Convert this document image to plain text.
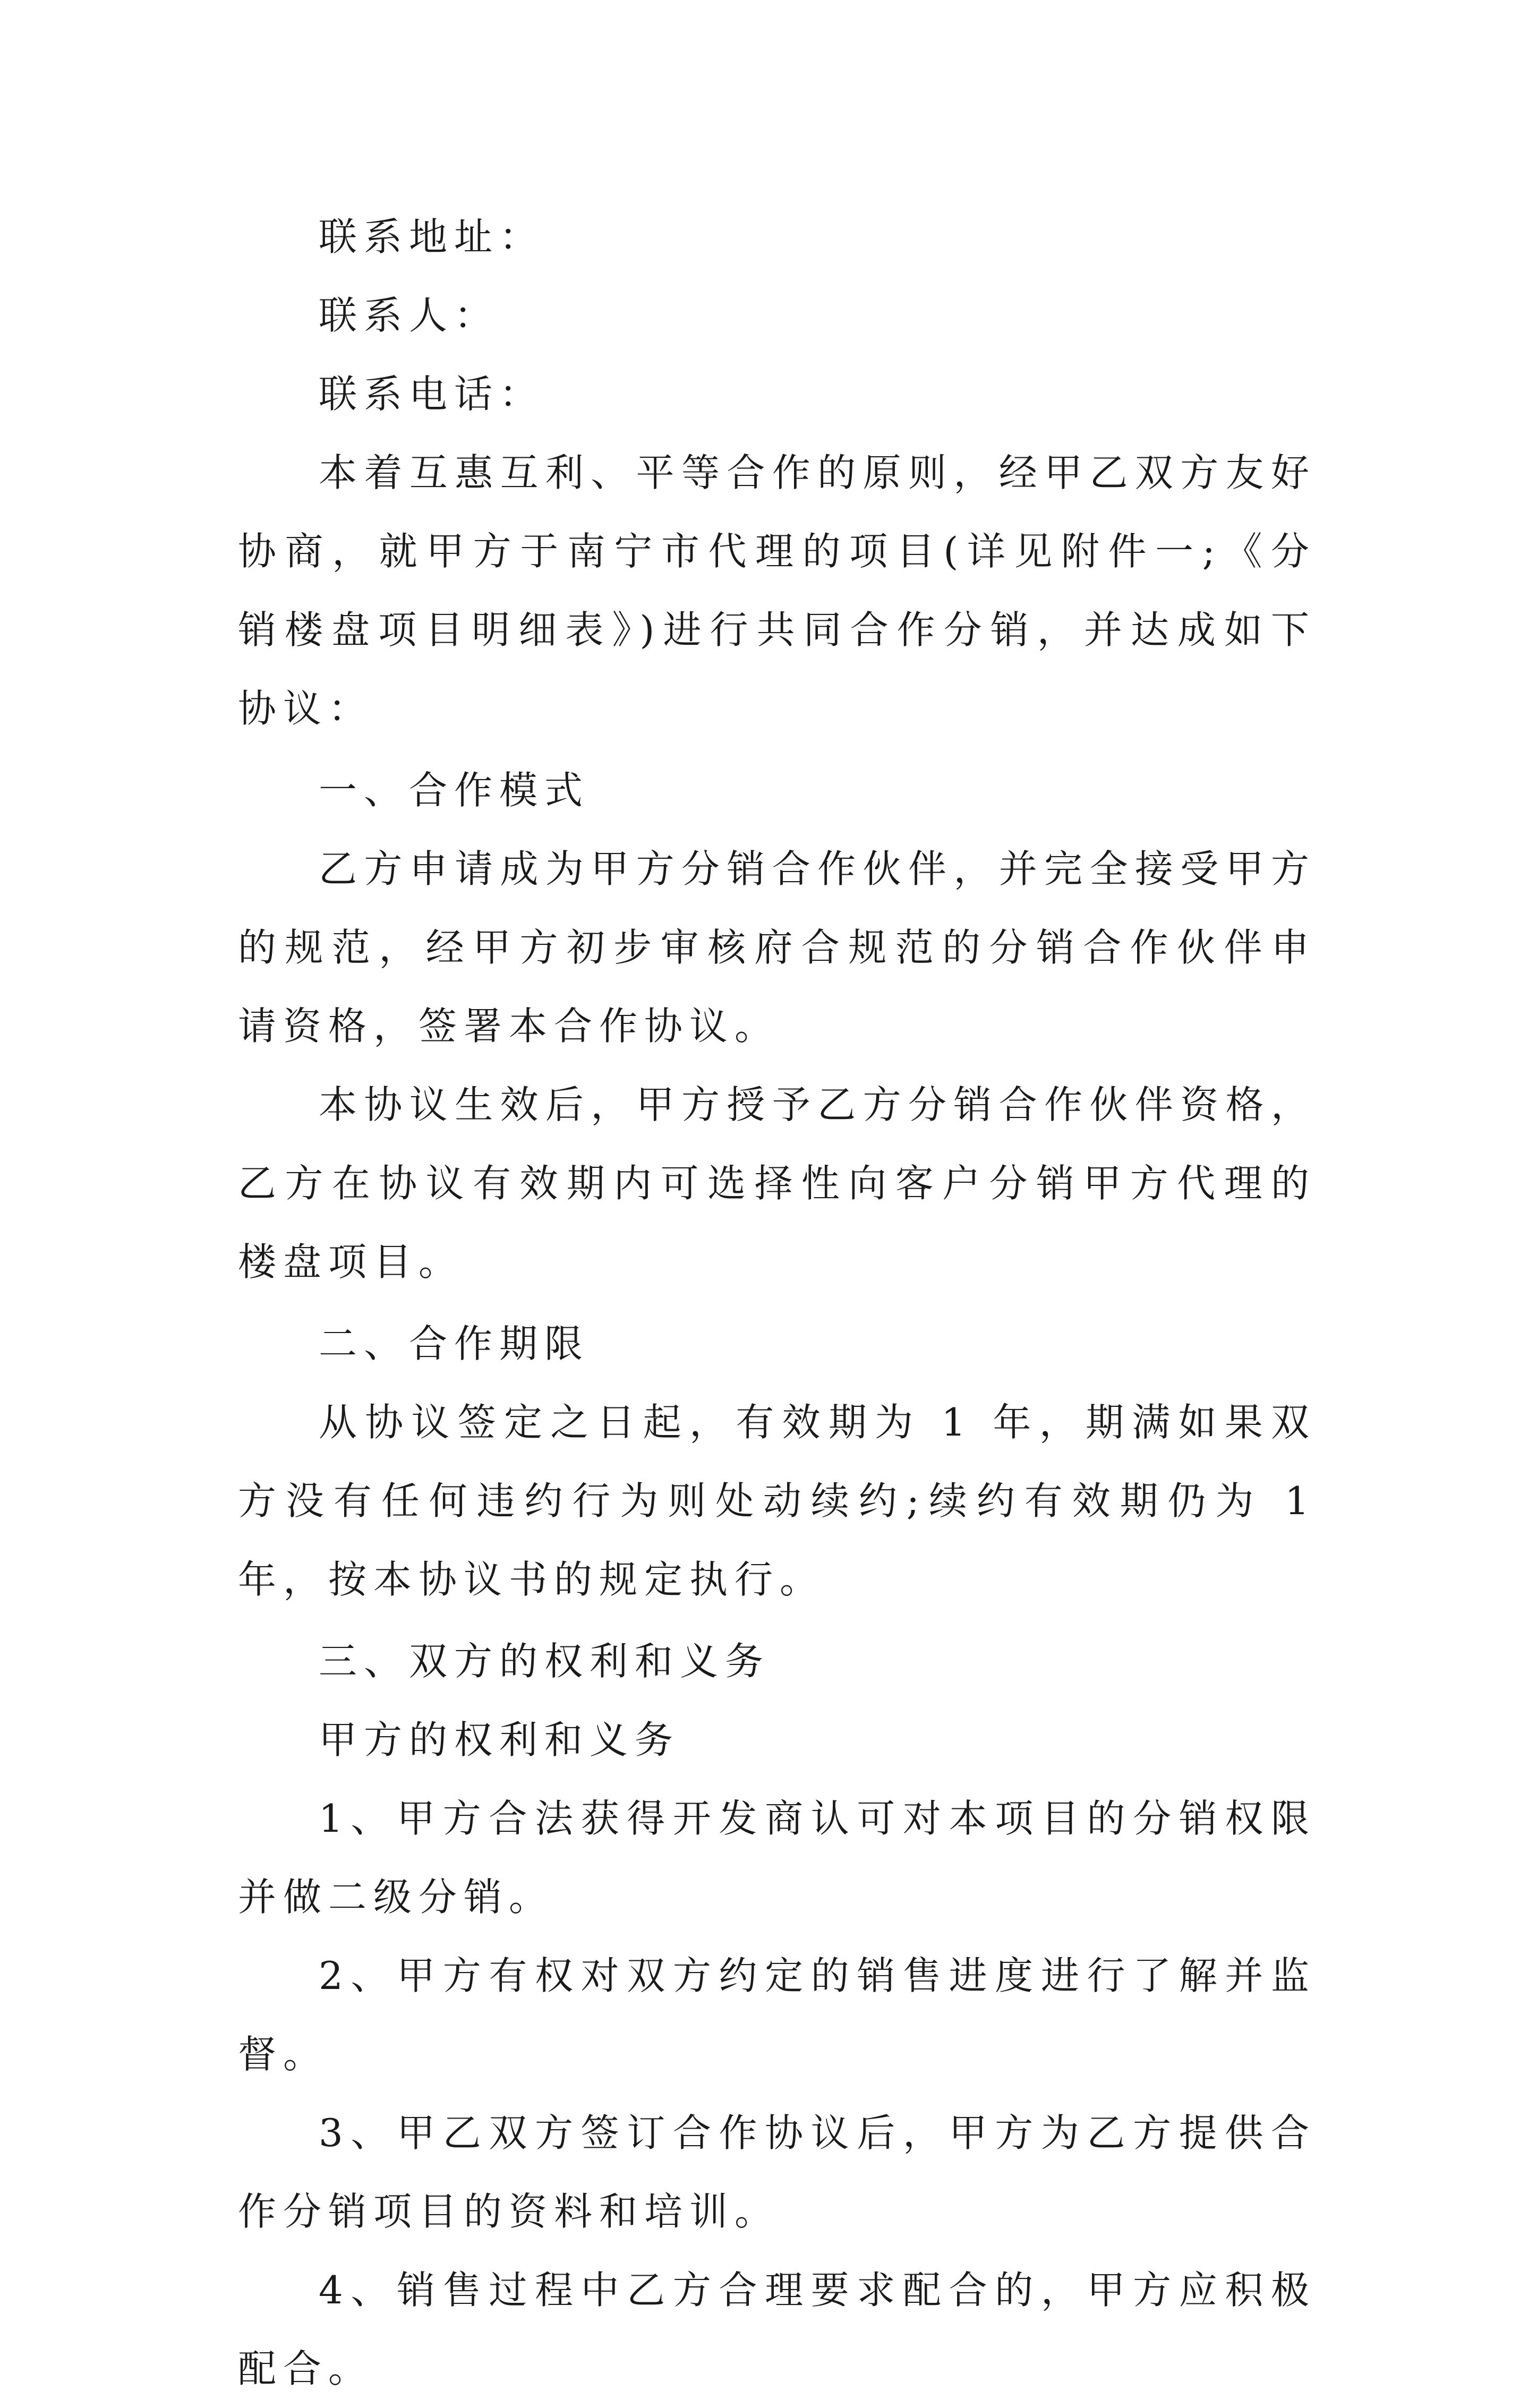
联系地址：

联系人：

联系电话：

本着互惠互利、平等合作的原则，经甲乙双方友好协商，就甲方于南宁市代理的项目(详见附件一;《分销楼盘项目明细表》)进行共同合作分销，并达成如下协议：

一、合作模式

乙方申请成为甲方分销合作伙伴，并完全接受甲方的规范，经甲方初步审核府合规范的分销合作伙伴申请资格，签署本合作协议。

本协议生效后，甲方授予乙方分销合作伙伴资格，乙方在协议有效期内可选择性向客户分销甲方代理的楼盘项目。

二、合作期限

从协议签定之日起，有效期为 1 年，期满如果双方没有任何违约行为则处动续约;续约有效期仍为 1 年，按本协议书的规定执行。

三、双方的权利和义务

甲方的权利和义务

1、甲方合法获得开发商认可对本项目的分销权限并做二级分销。

2、甲方有权对双方约定的销售进度进行了解并监督。

3、甲乙双方签订合作协议后，甲方为乙方提供合作分销项目的资料和培训。

4、销售过程中乙方合理要求配合的，甲方应积极配合。
